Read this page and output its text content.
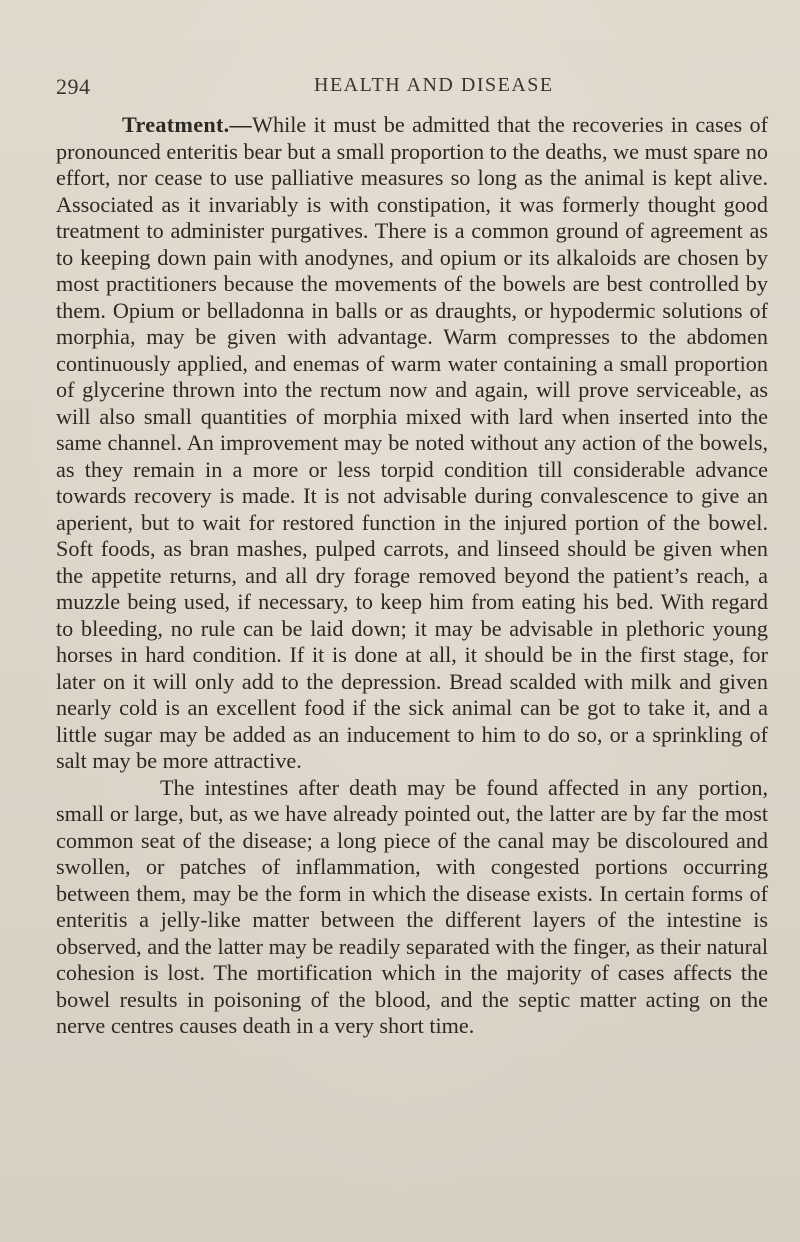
294	HEALTH AND DISEASE

Treatment.—While it must be admitted that the recoveries in cases of pronounced enteritis bear but a small proportion to the deaths, we must spare no effort, nor cease to use palliative measures so long as the animal is kept alive. Associated as it invariably is with constipation, it was formerly thought good treatment to administer purgatives. There is a common ground of agreement as to keeping down pain with anodynes, and opium or its alkaloids are chosen by most practitioners because the movements of the bowels are best controlled by them. Opium or belladonna in balls or as draughts, or hypodermic solutions of morphia, may be given with advantage. Warm compresses to the abdomen continuously applied, and enemas of warm water containing a small proportion of glycerine thrown into the rectum now and again, will prove serviceable, as will also small quantities of morphia mixed with lard when inserted into the same channel. An improvement may be noted without any action of the bowels, as they remain in a more or less torpid condition till considerable advance towards recovery is made. It is not advisable during convalescence to give an aperient, but to wait for restored function in the injured portion of the bowel. Soft foods, as bran mashes, pulped carrots, and linseed should be given when the appetite returns, and all dry forage removed beyond the patient’s reach, a muzzle being used, if necessary, to keep him from eating his bed. With regard to bleeding, no rule can be laid down; it may be advisable in plethoric young horses in hard condition. If it is done at all, it should be in the first stage, for later on it will only add to the depression. Bread scalded with milk and given nearly cold is an excellent food if the sick animal can be got to take it, and a little sugar may be added as an inducement to him to do so, or a sprinkling of salt may be more attractive.

The intestines after death may be found affected in any portion, small or large, but, as we have already pointed out, the latter are by far the most common seat of the disease; a long piece of the canal may be discoloured and swollen, or patches of inflammation, with congested portions occurring between them, may be the form in which the disease exists. In certain forms of enteritis a jelly-like matter between the different layers of the intestine is observed, and the latter may be readily separated with the finger, as their natural cohesion is lost. The mortification which in the majority of cases affects the bowel results in poisoning of the blood, and the septic matter acting on the nerve centres causes death in a very short time.
